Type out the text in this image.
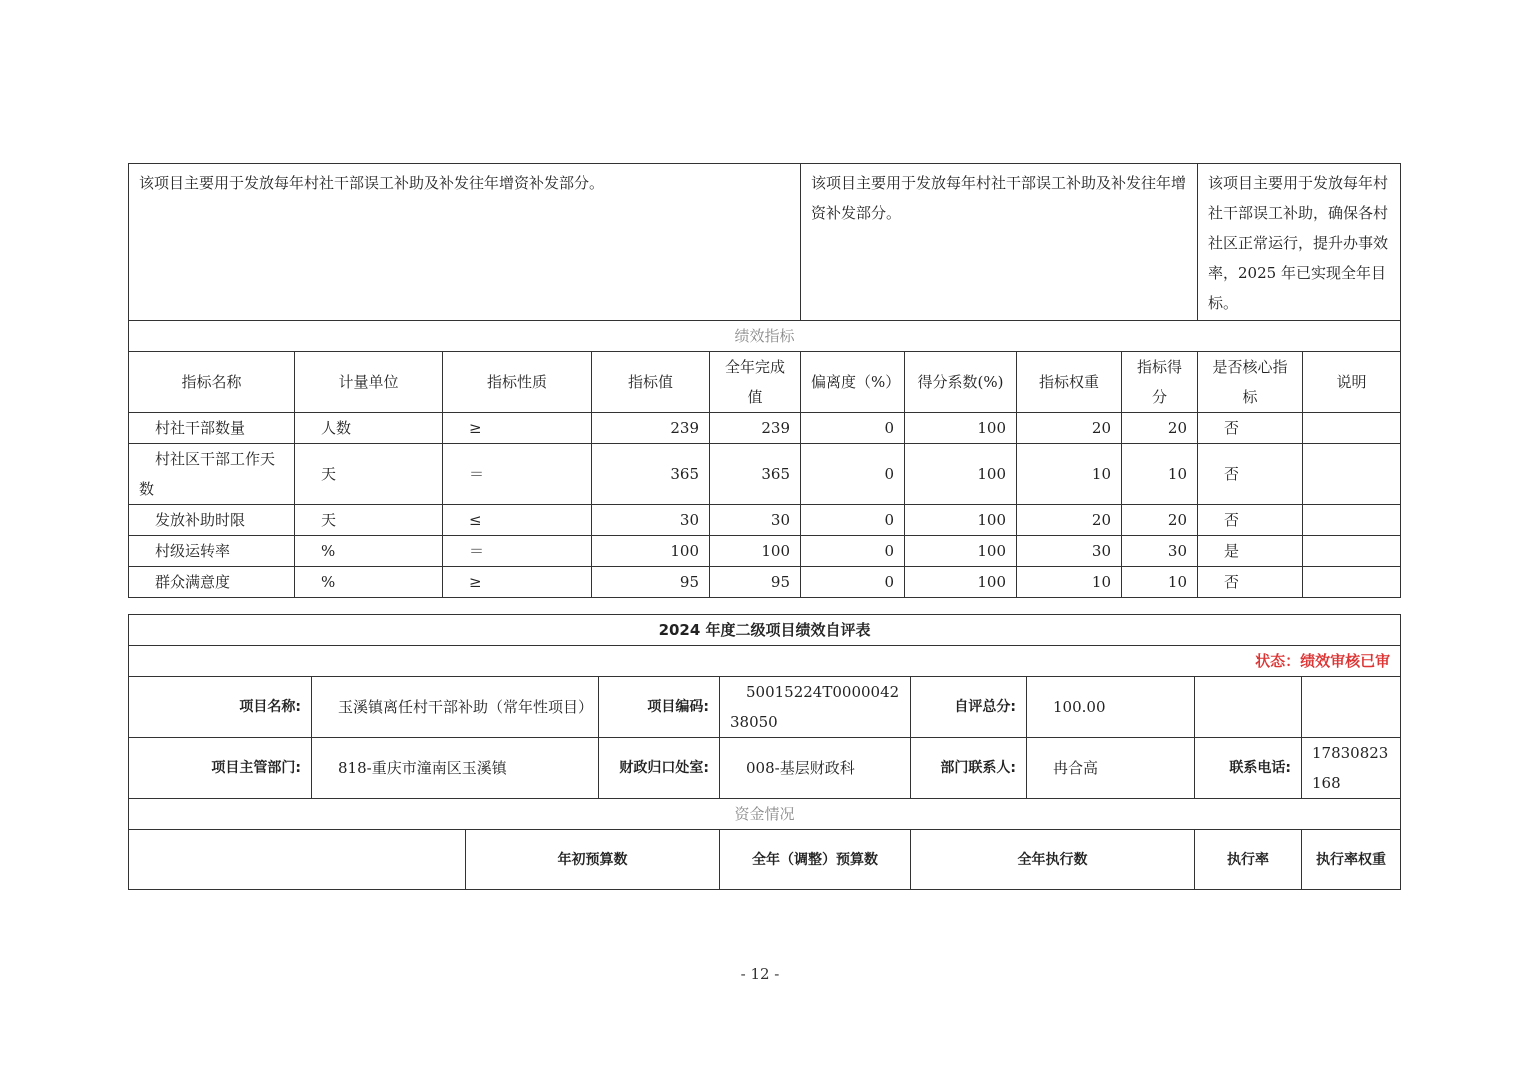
该项目主要用于发放每年村社干部误工补助及补发往年增资补发部分。					该项目主要用于发放每年村社干部误工补助及补发往年增资补发部分。				该项目主要用于发放每年村社干部误工补助，确保各村社区正常运行，提升办事效率，2025 年已实现全年目标。	
绩效指标										
指标名称	计量单位	指标性质	指标值	全年完成值	偏离度（%）	得分系数(%)	指标权重	指标得分	是否核心指标	说明
村社干部数量	人数	≥	239	239	0	100	20	20	否	
村社区干部工作天数	天	＝	365	365	0	100	10	10	否	
发放补助时限	天	≤	30	30	0	100	20	20	否	
村级运转率	%	＝	100	100	0	100	30	30	是	
群众满意度	%	≥	95	95	0	100	10	10	否	
2024 年度二级项目绩效自评表								
状态：绩效审核已审								
项目名称:	玉溪镇离任村干部补助（常年性项目）		项目编码:	50015224T000004238050	自评总分:	100.00		
项目主管部门:	818-重庆市潼南区玉溪镇		财政归口处室:	008-基层财政科	部门联系人:	冉合高	联系电话:	17830823168
资金情况								
		年初预算数		全年（调整）预算数	全年执行数		执行率	执行率权重
- 12 -
